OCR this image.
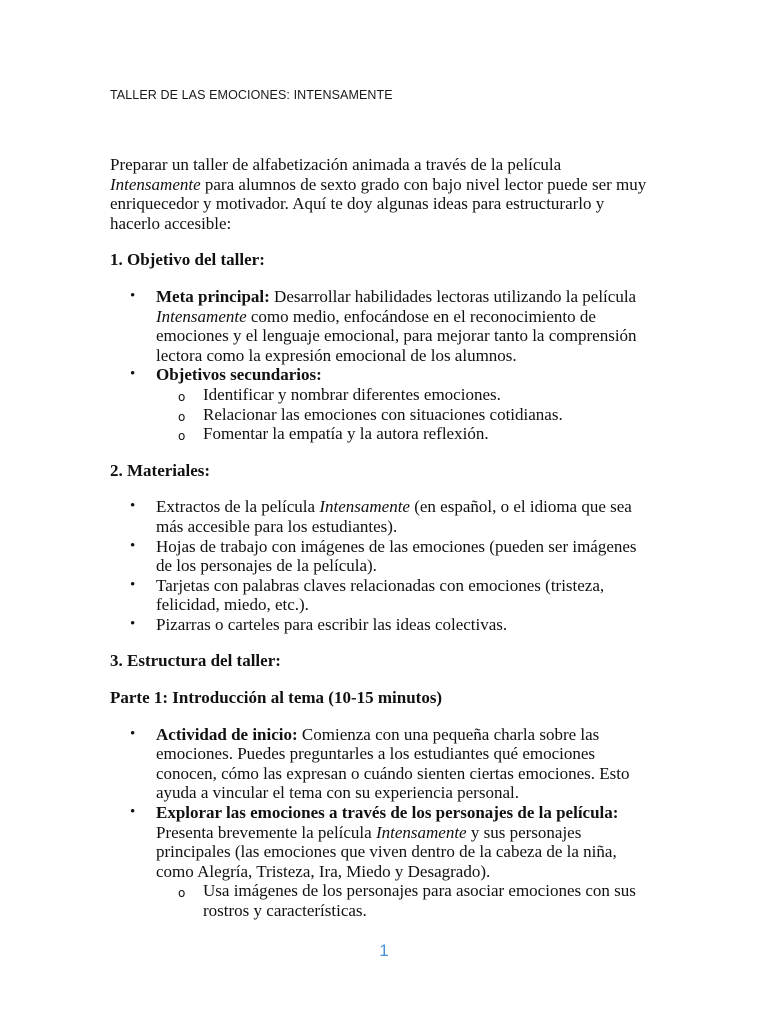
TALLER DE LAS EMOCIONES: INTENSAMENTE

Preparar un taller de alfabetización animada a través de la película Intensamente para alumnos de sexto grado con bajo nivel lector puede ser muy enriquecedor y motivador. Aquí te doy algunas ideas para estructurarlo y hacerlo accesible:

1. Objetivo del taller:
• Meta principal: Desarrollar habilidades lectoras utilizando la película Intensamente como medio, enfocándose en el reconocimiento de emociones y el lenguaje emocional, para mejorar tanto la comprensión lectora como la expresión emocional de los alumnos.
• Objetivos secundarios:
o Identificar y nombrar diferentes emociones.
o Relacionar las emociones con situaciones cotidianas.
o Fomentar la empatía y la autora reflexión.
2. Materiales:
• Extractos de la película Intensamente (en español, o el idioma que sea más accesible para los estudiantes).
• Hojas de trabajo con imágenes de las emociones (pueden ser imágenes de los personajes de la película).
• Tarjetas con palabras claves relacionadas con emociones (tristeza, felicidad, miedo, etc.).
• Pizarras o carteles para escribir las ideas colectivas.
3. Estructura del taller:
Parte 1: Introducción al tema (10-15 minutos)
• Actividad de inicio: Comienza con una pequeña charla sobre las emociones. Puedes preguntarles a los estudiantes qué emociones conocen, cómo las expresan o cuándo sienten ciertas emociones. Esto ayuda a vincular el tema con su experiencia personal.
• Explorar las emociones a través de los personajes de la película: Presenta brevemente la película Intensamente y sus personajes principales (las emociones que viven dentro de la cabeza de la niña, como Alegría, Tristeza, Ira, Miedo y Desagrado).
o Usa imágenes de los personajes para asociar emociones con sus rostros y características.
1
